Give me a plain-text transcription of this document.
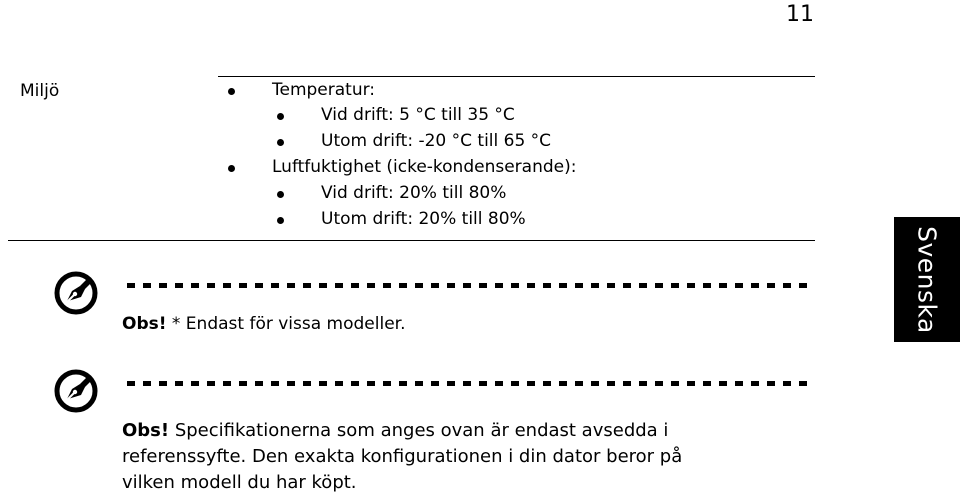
11
Miljö	Temperatur:
Vid drift: 5 °C till 35 °C
Utom drift: -20 °C till 65 °C
Luftfuktighet (icke-kondenserande):
Vid drift: 20% till 80%
Utom drift: 20% till 80%
Obs! * Endast för vissa modeller.	Svenska
Obs! Specifikationerna som anges ovan är endast avsedda i
referenssyfte. Den exakta konfigurationen i din dator beror på
vilken modell du har köpt.
